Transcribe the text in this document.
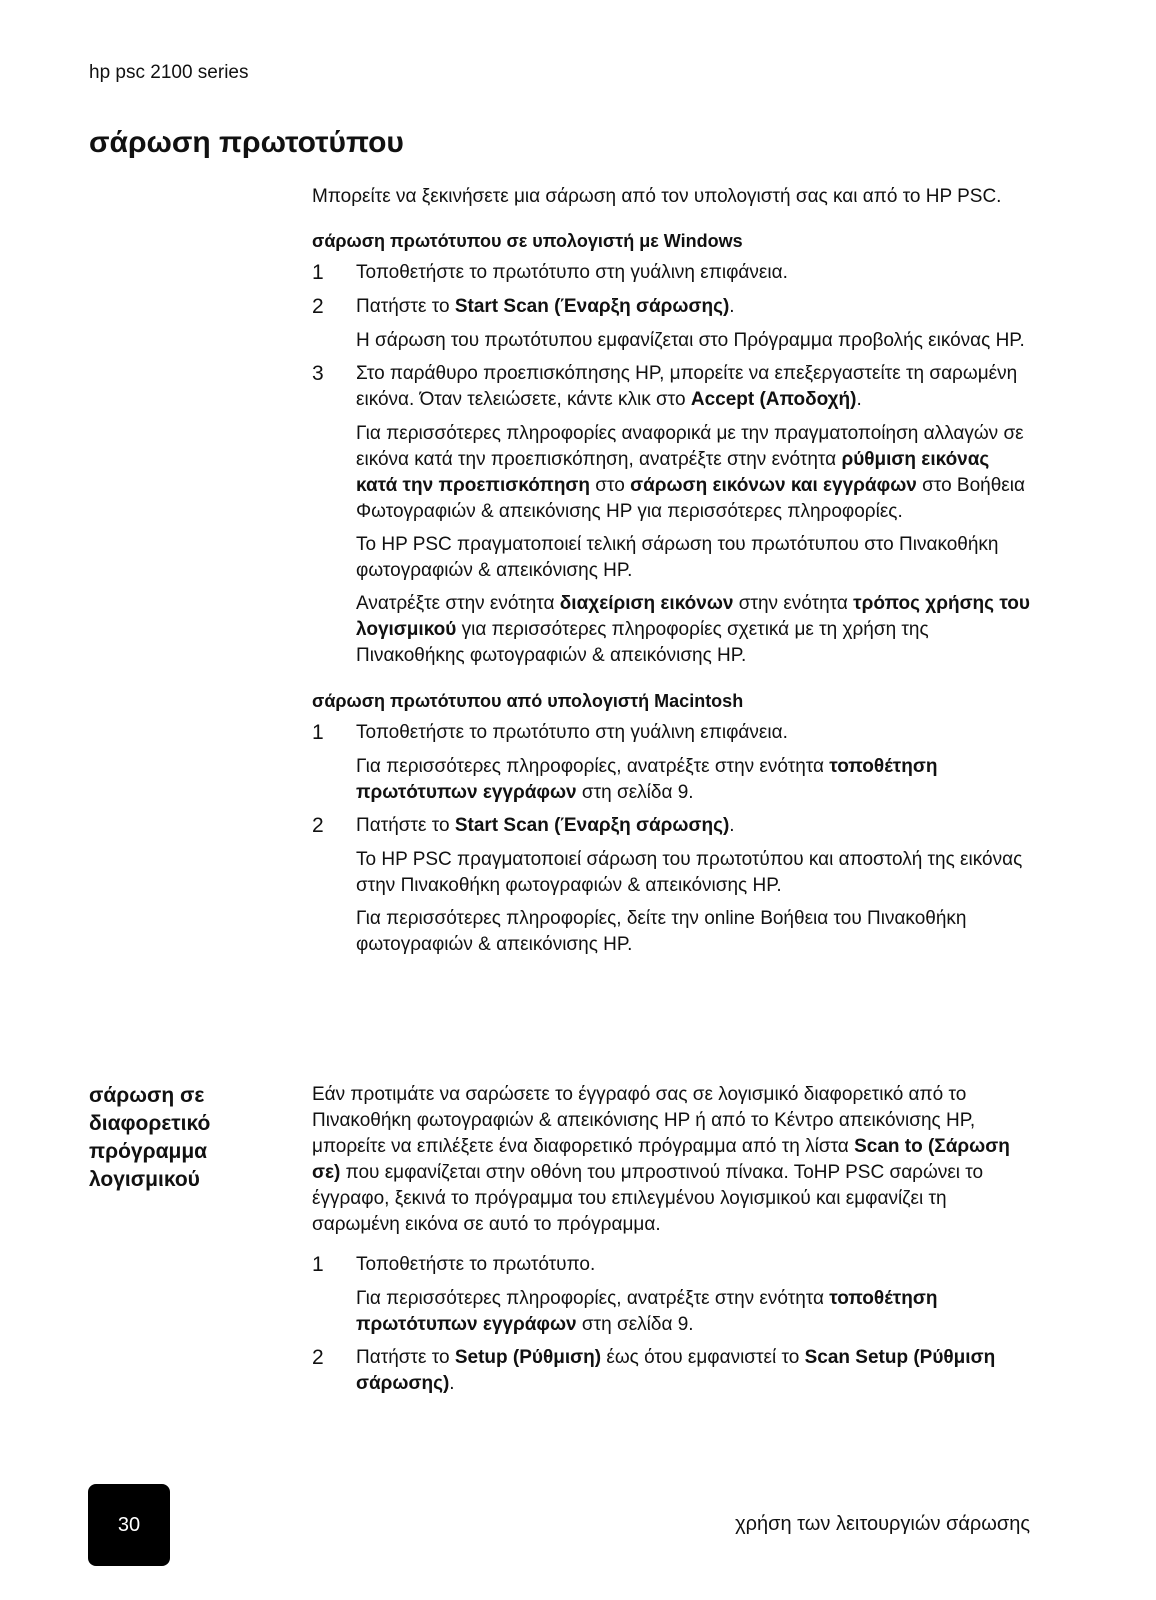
hp psc 2100 series
σάρωση πρωτοτύπου

Μπορείτε να ξεκινήσετε μια σάρωση από τον υπολογιστή σας και από το HP PSC.

σάρωση πρωτότυπου σε υπολογιστή με Windows

1 Τοποθετήστε το πρωτότυπο στη γυάλινη επιφάνεια.
2 Πατήστε το Start Scan (Έναρξη σάρωσης).

Η σάρωση του πρωτότυπου εμφανίζεται στο Πρόγραμμα προβολής εικόνας HP.

3 Στο παράθυρο προεπισκόπησης HP, μπορείτε να επεξεργαστείτε τη σαρωμένη εικόνα. Όταν τελειώσετε, κάντε κλικ στο Accept (Αποδοχή).

Για περισσότερες πληροφορίες αναφορικά με την πραγματοποίηση αλλαγών σε εικόνα κατά την προεπισκόπηση, ανατρέξτε στην ενότητα ρύθμιση εικόνας κατά την προεπισκόπηση στο σάρωση εικόνων και εγγράφων στο Βοήθεια Φωτογραφιών & απεικόνισης HP για περισσότερες πληροφορίες.

Το HP PSC πραγματοποιεί τελική σάρωση του πρωτότυπου στο Πινακοθήκη φωτογραφιών & απεικόνισης HP.

Ανατρέξτε στην ενότητα διαχείριση εικόνων στην ενότητα τρόπος χρήσης του λογισμικού για περισσότερες πληροφορίες σχετικά με τη χρήση της Πινακοθήκης φωτογραφιών & απεικόνισης HP.

σάρωση πρωτότυπου από υπολογιστή Macintosh

1 Τοποθετήστε το πρωτότυπο στη γυάλινη επιφάνεια.

Για περισσότερες πληροφορίες, ανατρέξτε στην ενότητα τοποθέτηση πρωτότυπων εγγράφων στη σελίδα 9.

2 Πατήστε το Start Scan (Έναρξη σάρωσης).

Το HP PSC πραγματοποιεί σάρωση του πρωτοτύπου και αποστολή της εικόνας στην Πινακοθήκη φωτογραφιών & απεικόνισης HP.

Για περισσότερες πληροφορίες, δείτε την online Βοήθεια του Πινακοθήκη φωτογραφιών & απεικόνισης HP.

σάρωση σε διαφορετικό πρόγραμμα λογισμικού

Εάν προτιμάτε να σαρώσετε το έγγραφό σας σε λογισμικό διαφορετικό από το Πινακοθήκη φωτογραφιών & απεικόνισης HP ή από το Κέντρο απεικόνισης HP, μπορείτε να επιλέξετε ένα διαφορετικό πρόγραμμα από τη λίστα Scan to (Σάρωση σε) που εμφανίζεται στην οθόνη του μπροστινού πίνακα. ΤοHP PSC σαρώνει το έγγραφο, ξεκινά το πρόγραμμα του επιλεγμένου λογισμικού και εμφανίζει τη σαρωμένη εικόνα σε αυτό το πρόγραμμα.

1 Τοποθετήστε το πρωτότυπο.

Για περισσότερες πληροφορίες, ανατρέξτε στην ενότητα τοποθέτηση πρωτότυπων εγγράφων στη σελίδα 9.

2 Πατήστε το Setup (Ρύθμιση) έως ότου εμφανιστεί το Scan Setup (Ρύθμιση σάρωσης).
30	χρήση των λειτουργιών σάρωσης
